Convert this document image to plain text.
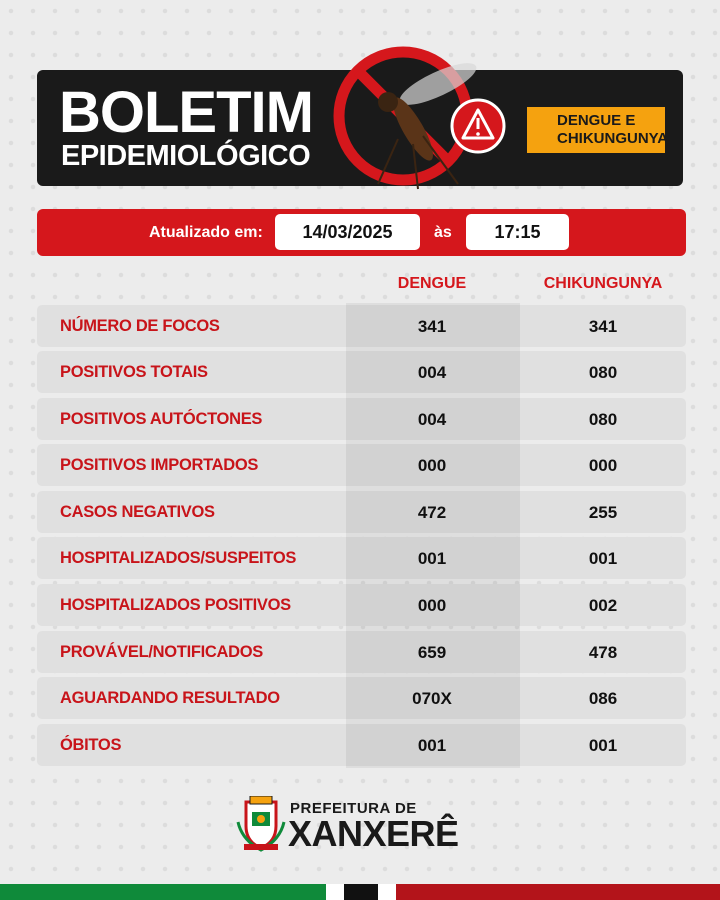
BOLETIM
EPIDEMIOLÓGICO
DENGUE E
CHIKUNGUNYA
Atualizado em:	14/03/2025	às	17:15
DENGUE	CHIKUNGUNYA
NÚMERO DE FOCOS	341	341
POSITIVOS TOTAIS	004	080
POSITIVOS AUTÓCTONES	004	080
POSITIVOS IMPORTADOS	000	000
CASOS NEGATIVOS	472	255
HOSPITALIZADOS/SUSPEITOS	001	001
HOSPITALIZADOS POSITIVOS	000	002
PROVÁVEL/NOTIFICADOS	659	478
AGUARDANDO RESULTADO	070X	086
ÓBITOS	001	001
PREFEITURA DE
XANXERÊ
